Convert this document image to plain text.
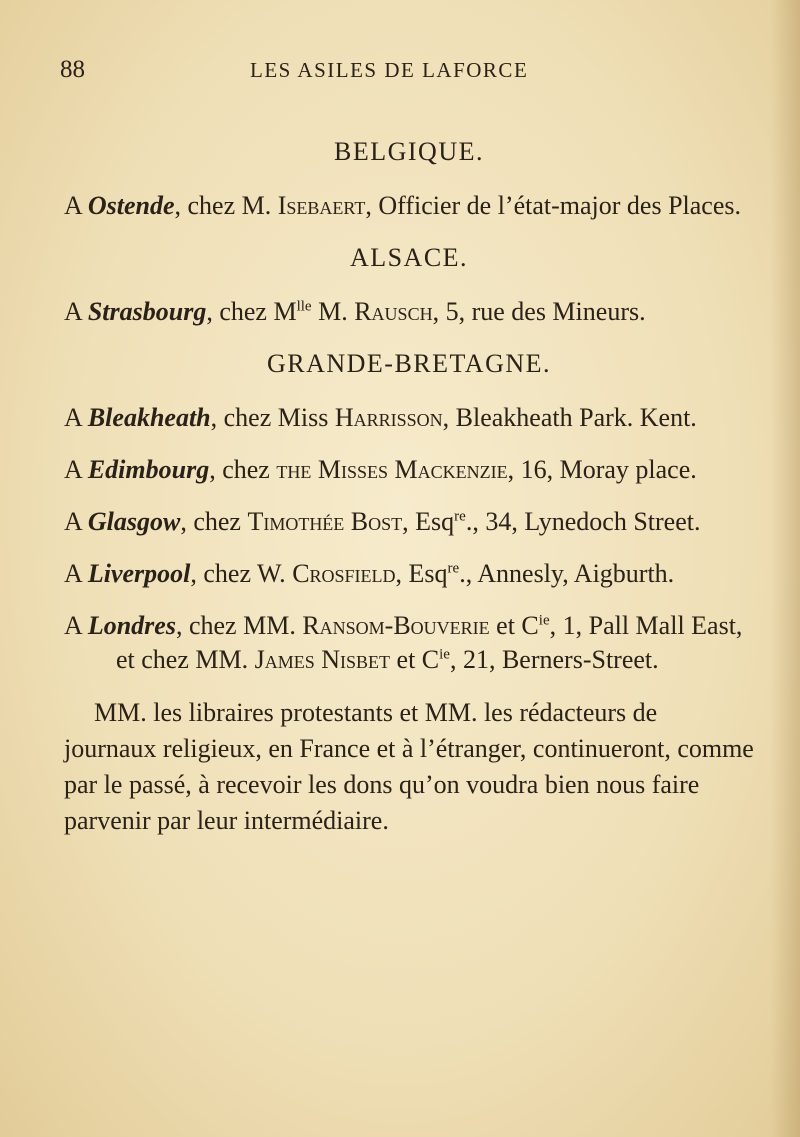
88	LES ASILES DE LAFORCE
BELGIQUE.

A Ostende, chez M. Isebaert, Officier de l’état-major des Places.

ALSACE.

A Strasbourg, chez $M^{lle}$ M. Rausch, 5, rue des Mineurs.

GRANDE-BRETAGNE.

A Bleakheath, chez Miss Harrisson, Bleakheath Park. Kent.

A Edimbourg, chez the Misses Mackenzie, 16, Moray place.

A Glasgow, chez Timothée Bost, Esq$^{re}$., 34, Lynedoch Street.

A Liverpool, chez W. Crosfield, Esq$^{re}$., Annesly, Aigburth.

A Londres, chez MM. Ransom-Bouverie et $C^{ie}$, 1, Pall Mall East, et chez MM. James Nisbet et $C^{ie}$, 21, Berners-Street.

MM. les libraires protestants et MM. les rédacteurs de journaux religieux, en France et à l’étranger, continueront, comme par le passé, à recevoir les dons qu’on voudra bien nous faire parvenir par leur intermédiaire.
